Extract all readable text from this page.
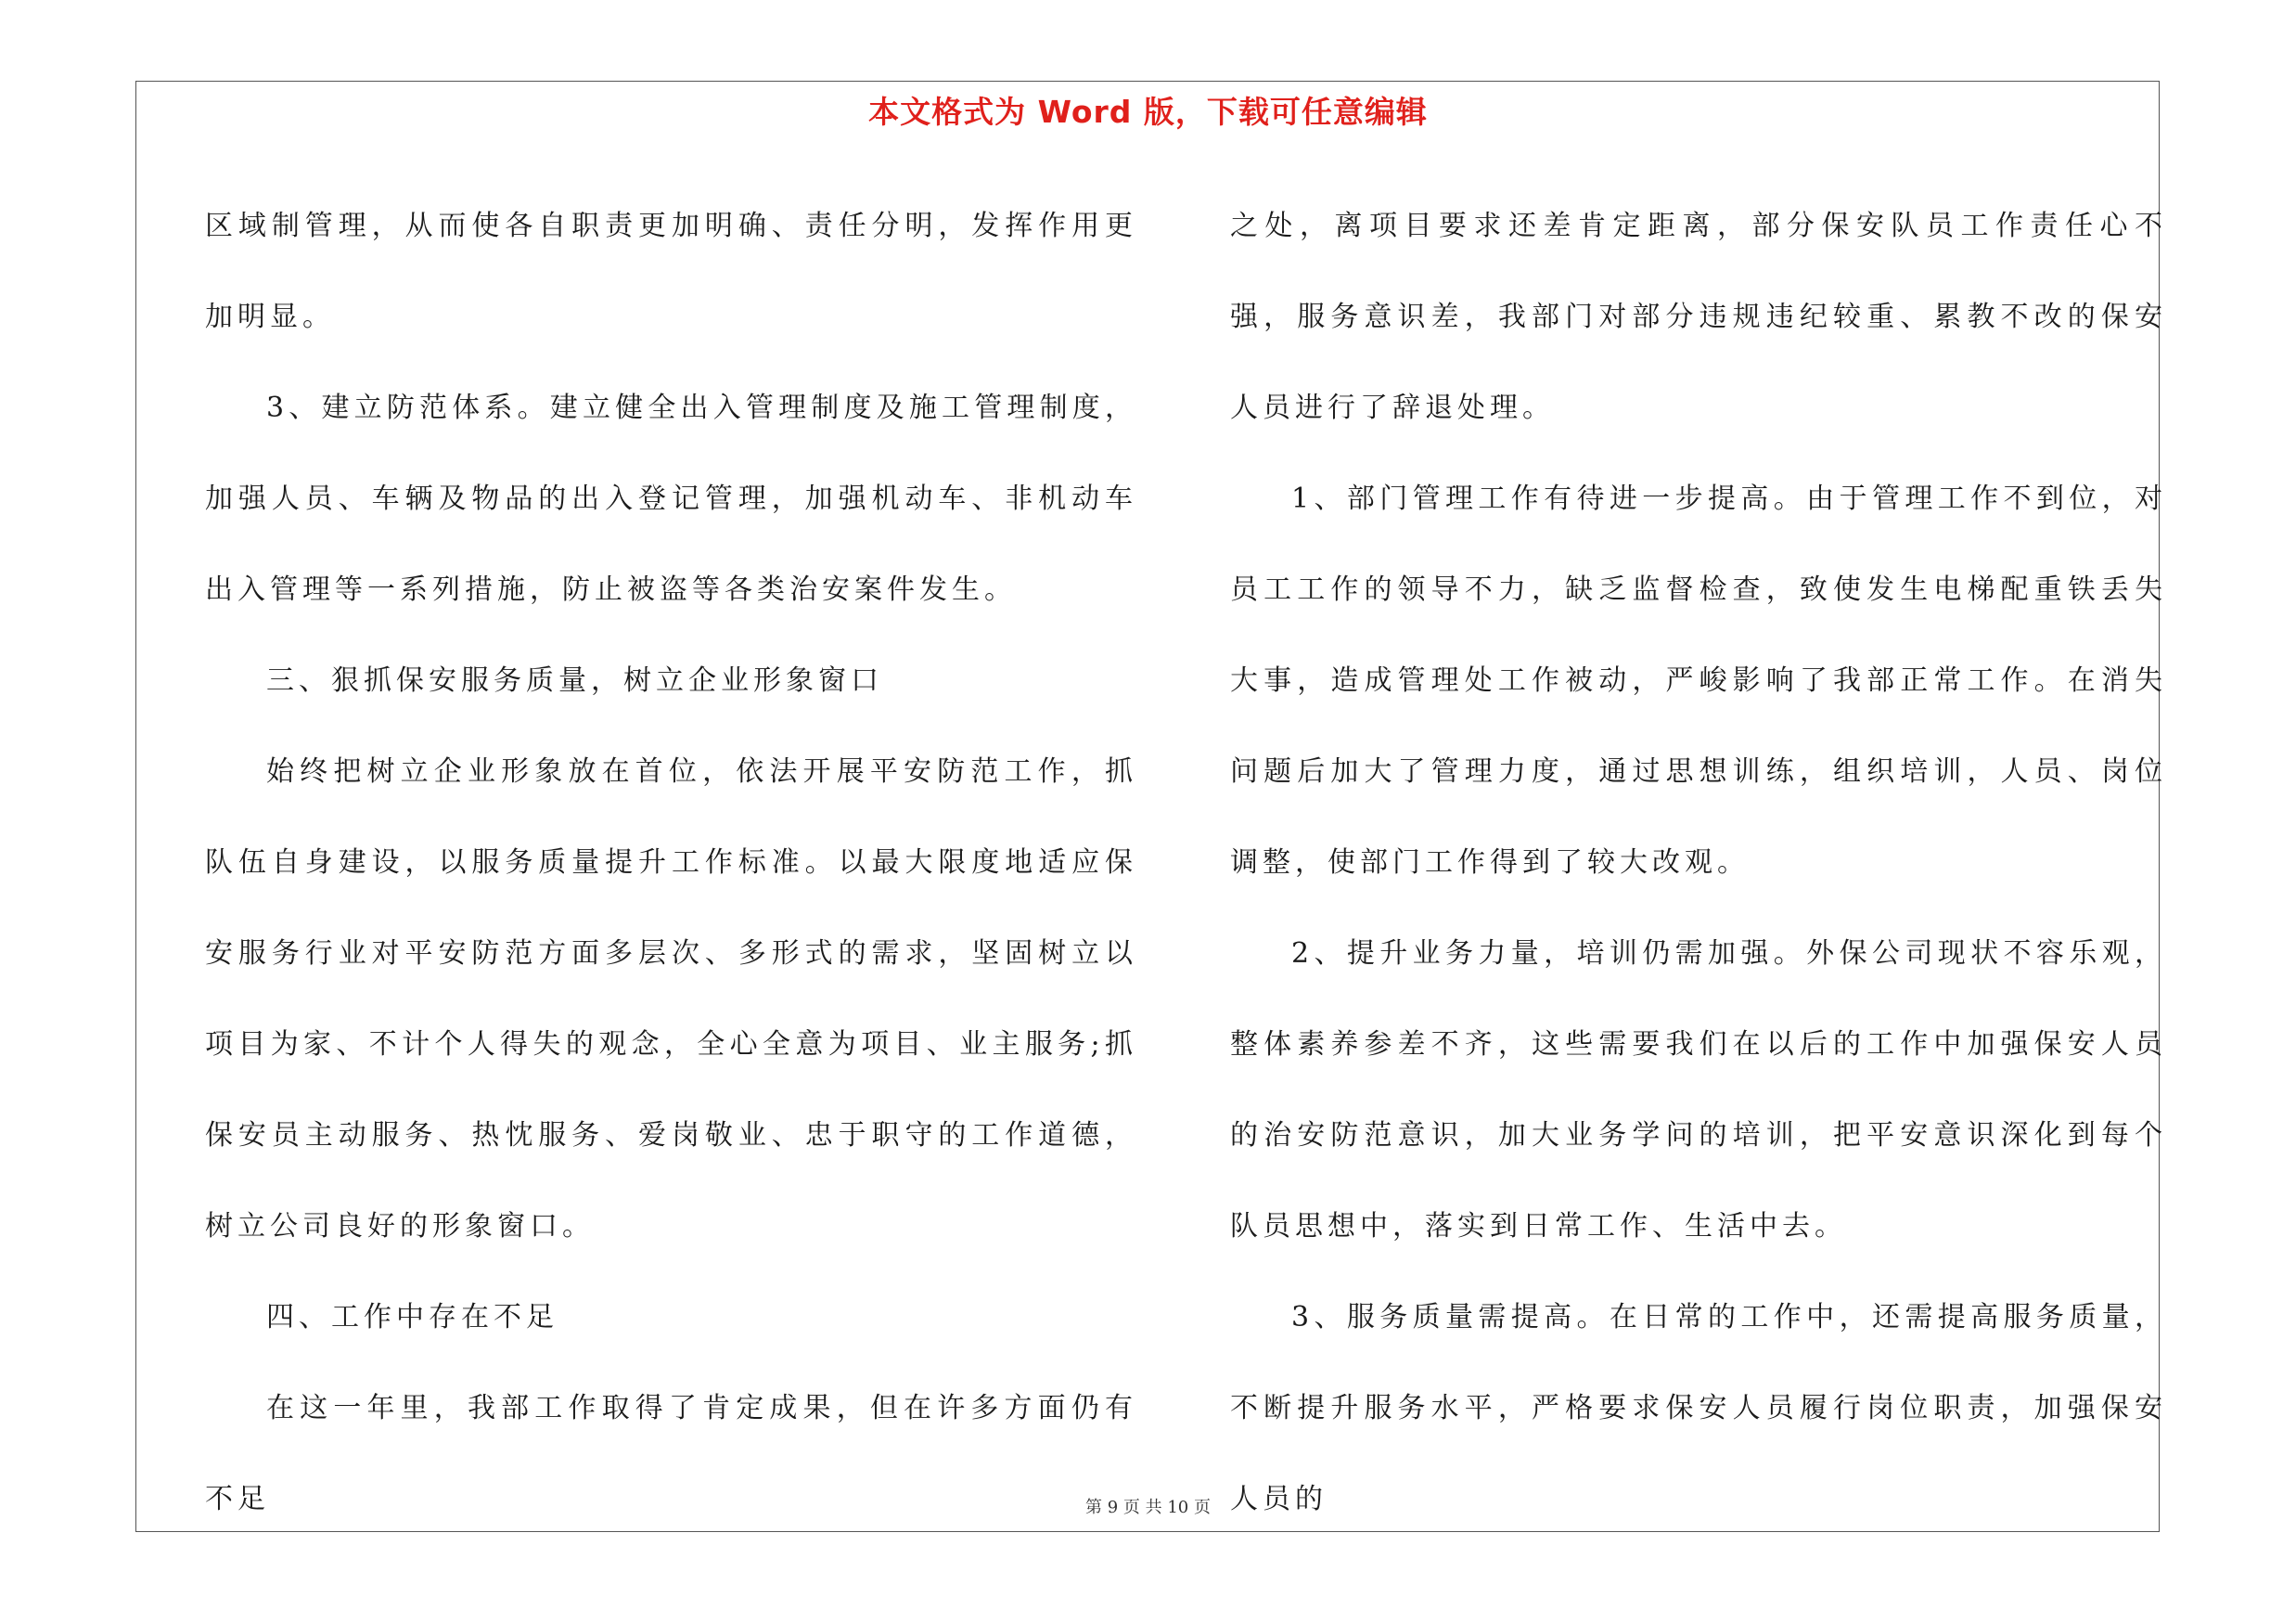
本文格式为 Word 版，下载可任意编辑

区域制管理，从而使各自职责更加明确、责任分明，发挥作用更加明显。

3、建立防范体系。建立健全出入管理制度及施工管理制度，加强人员、车辆及物品的出入登记管理，加强机动车、非机动车出入管理等一系列措施，防止被盗等各类治安案件发生。

三、狠抓保安服务质量，树立企业形象窗口

始终把树立企业形象放在首位，依法开展平安防范工作，抓队伍自身建设，以服务质量提升工作标准。以最大限度地适应保安服务行业对平安防范方面多层次、多形式的需求，坚固树立以项目为家、不计个人得失的观念，全心全意为项目、业主服务;抓保安员主动服务、热忱服务、爱岗敬业、忠于职守的工作道德，树立公司良好的形象窗口。

四、工作中存在不足

在这一年里，我部工作取得了肯定成果，但在许多方面仍有不足

之处，离项目要求还差肯定距离，部分保安队员工作责任心不强，服务意识差，我部门对部分违规违纪较重、累教不改的保安人员进行了辞退处理。

1、部门管理工作有待进一步提高。由于管理工作不到位，对员工工作的领导不力，缺乏监督检查，致使发生电梯配重铁丢失大事，造成管理处工作被动，严峻影响了我部正常工作。在消失问题后加大了管理力度，通过思想训练，组织培训，人员、岗位调整，使部门工作得到了较大改观。

2、提升业务力量，培训仍需加强。外保公司现状不容乐观，整体素养参差不齐，这些需要我们在以后的工作中加强保安人员的治安防范意识，加大业务学问的培训，把平安意识深化到每个队员思想中，落实到日常工作、生活中去。

3、服务质量需提高。在日常的工作中，还需提高服务质量，不断提升服务水平，严格要求保安人员履行岗位职责，加强保安人员的

第 9 页 共 10 页
